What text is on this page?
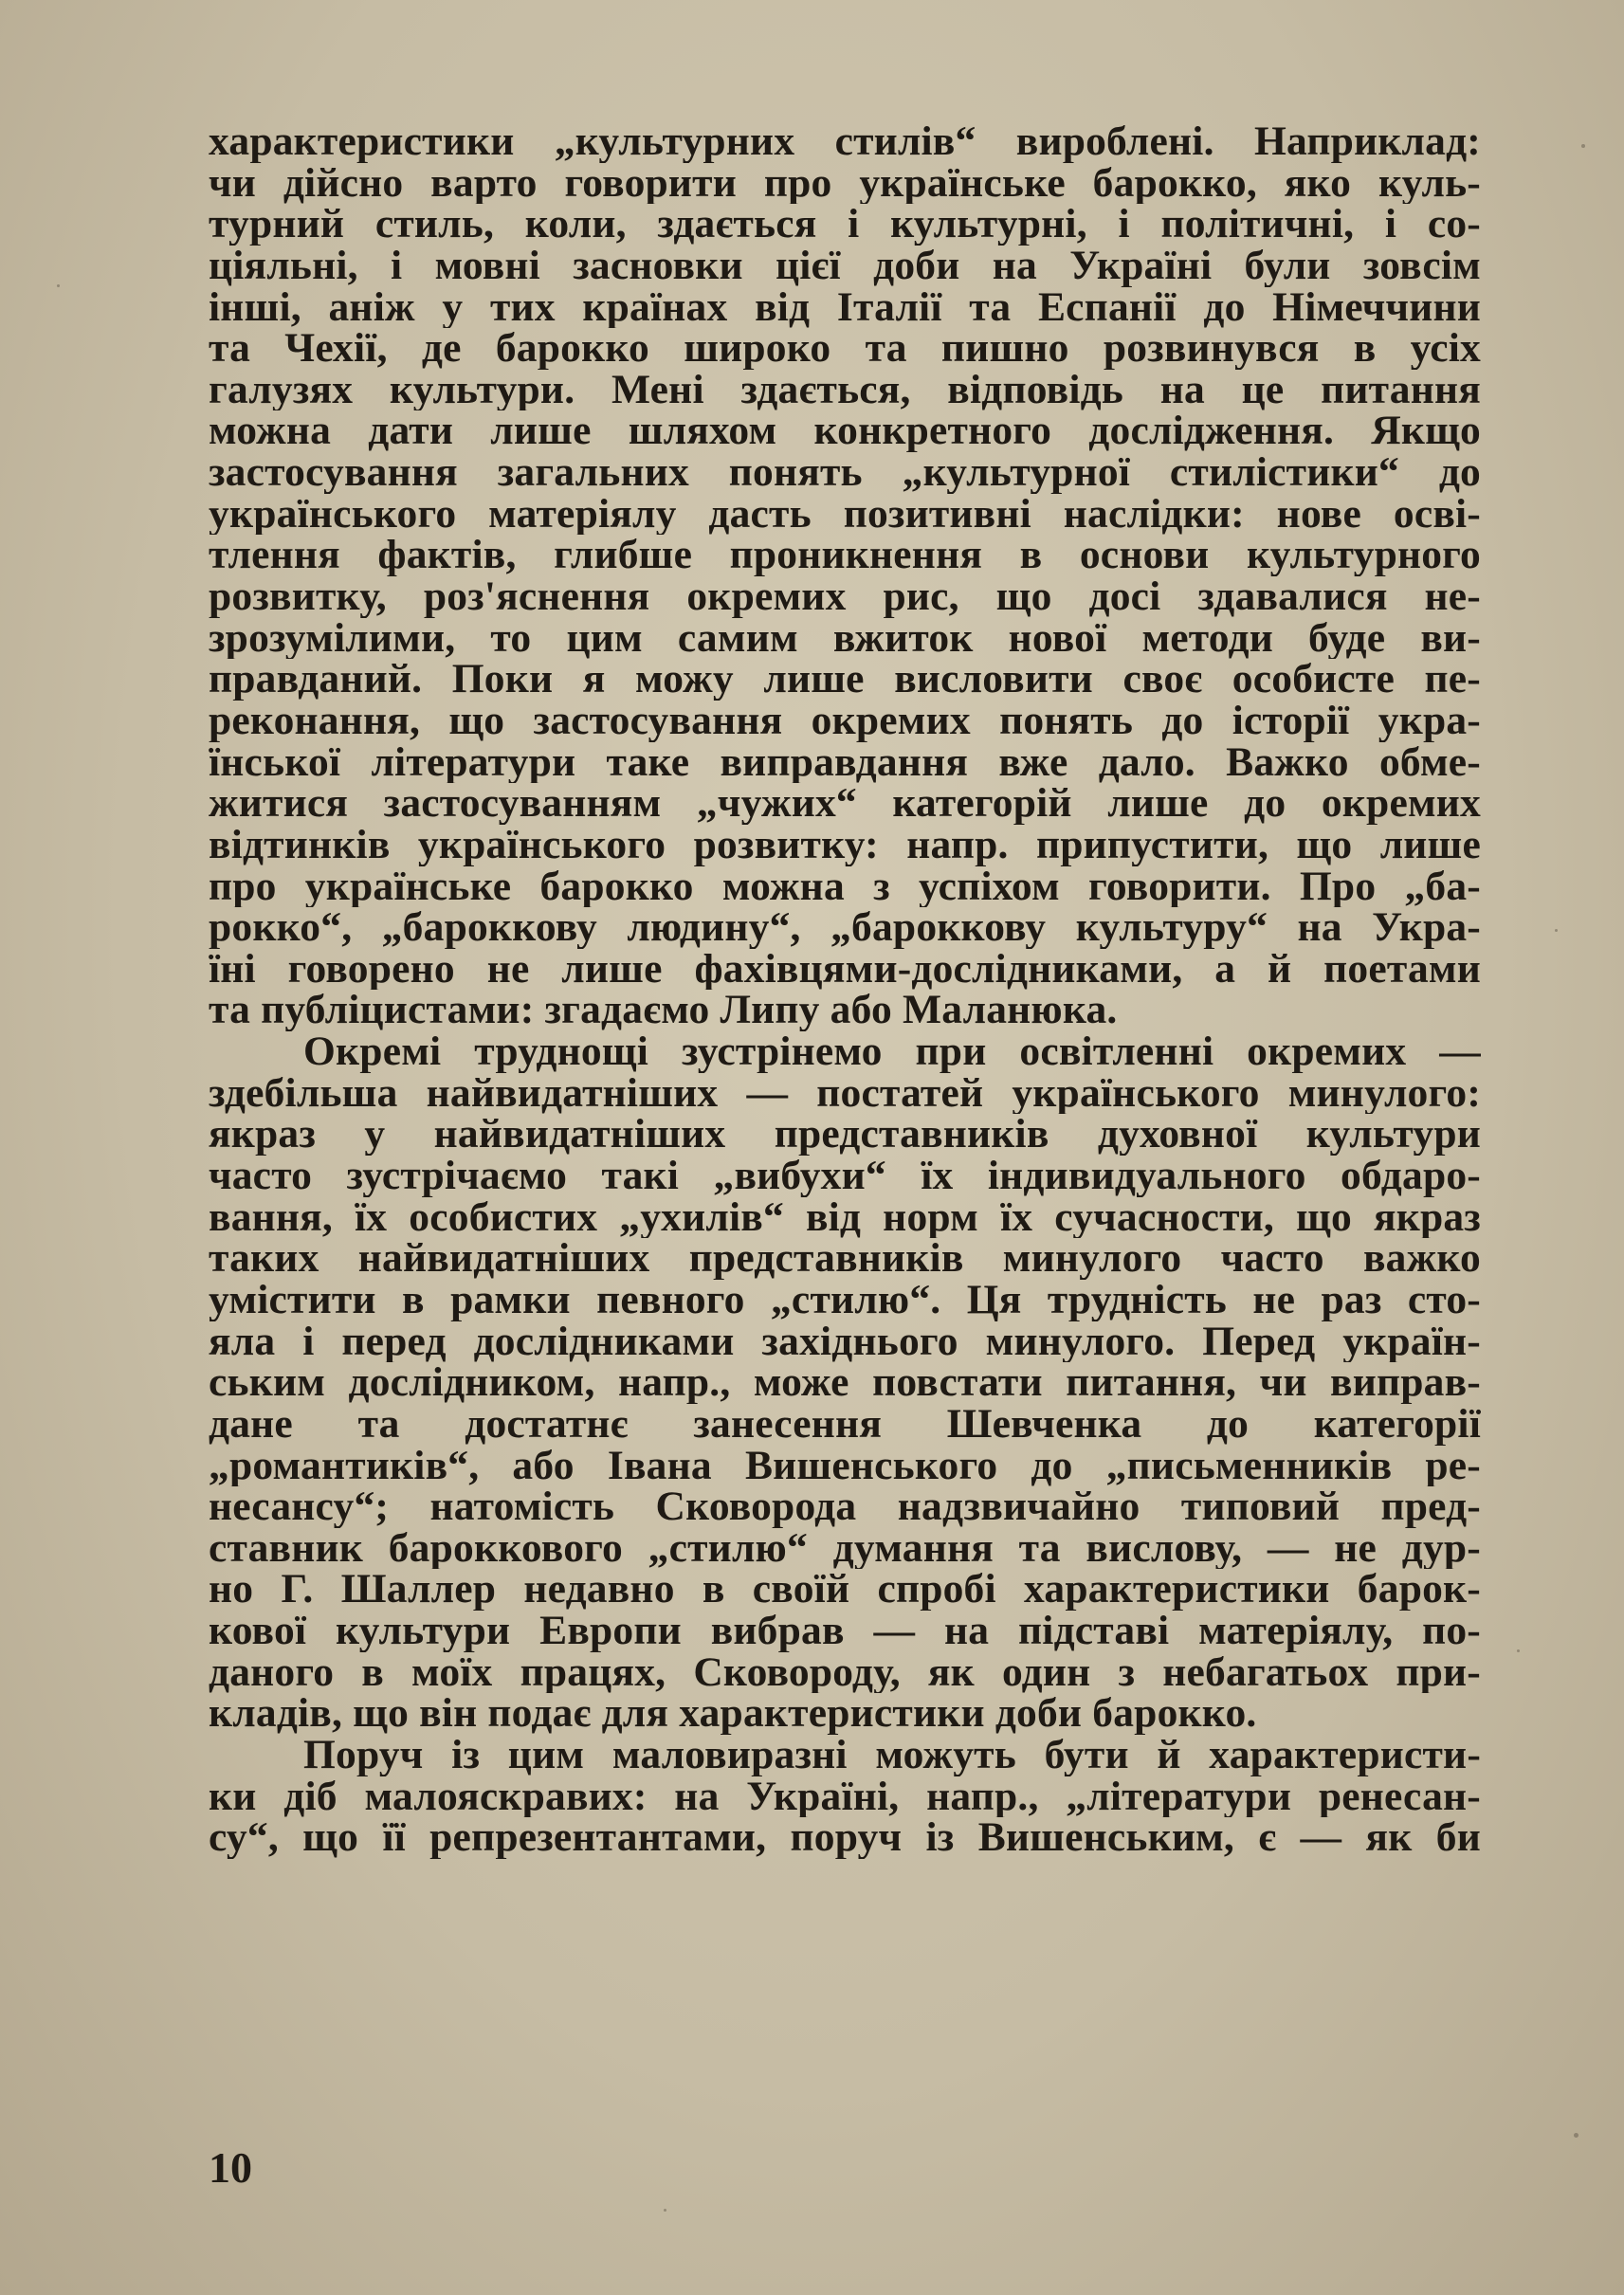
характеристики „культурних стилів“ вироблені. Наприклад:
чи дійсно варто говорити про українське барокко, яко куль-
турний стиль, коли, здається і культурні, і політичні, і со-
ціяльні, і мовні засновки цієї доби на Україні були зовсім
інші, аніж у тих країнах від Італії та Еспанії до Німеччини
та Чехії, де барокко широко та пишно розвинувся в усіх
галузях культури. Мені здається, відповідь на це питання
можна дати лише шляхом конкретного дослідження. Якщо
застосування загальних понять „культурної стилістики“ до
українського матеріялу дасть позитивні наслідки: нове осві-
тлення фактів, глибше проникнення в основи культурного
розвитку, роз'яснення окремих рис, що досі здавалися не-
зрозумілими, то цим самим вжиток нової методи буде ви-
правданий. Поки я можу лише висловити своє особисте пе-
реконання, що застосування окремих понять до історії укра-
їнської літератури таке виправдання вже дало. Важко обме-
житися застосуванням „чужих“ категорій лише до окремих
відтинків українського розвитку: напр. припустити, що лише
про українське барокко можна з успіхом говорити. Про „ба-
рокко“, „бароккову людину“, „бароккову культуру“ на Укра-
їні говорено не лише фахівцями-дослідниками, а й поетами
та публіцистами: згадаємо Липу або Маланюка.
Окремі труднощі зустрінемо при освітленні окремих —
здебільша найвидатніших — постатей українського минулого:
якраз у найвидатніших представників духовної культури
часто зустрічаємо такі „вибухи“ їх індивидуального обдаро-
вання, їх особистих „ухилів“ від норм їх сучасности, що якраз
таких найвидатніших представників минулого часто важко
умістити в рамки певного „стилю“. Ця трудність не раз сто-
яла і перед дослідниками західнього минулого. Перед україн-
ським дослідником, напр., може повстати питання, чи виправ-
дане та достатнє занесення Шевченка до категорії
„романтиків“, або Івана Вишенського до „письменників ре-
несансу“; натомість Сковорода надзвичайно типовий пред-
ставник бароккового „стилю“ думання та вислову, — не дур-
но Г. Шаллер недавно в своїй спробі характеристики барок-
кової культури Европи вибрав — на підставі матеріялу, по-
даного в моїх працях, Сковороду, як один з небагатьох при-
кладів, що він подає для характеристики доби барокко.
Поруч із цим маловиразні можуть бути й характеристи-
ки діб малояскравих: на Україні, напр., „літератури ренесан-
су“, що її репрезентантами, поруч із Вишенським, є — як би
10
